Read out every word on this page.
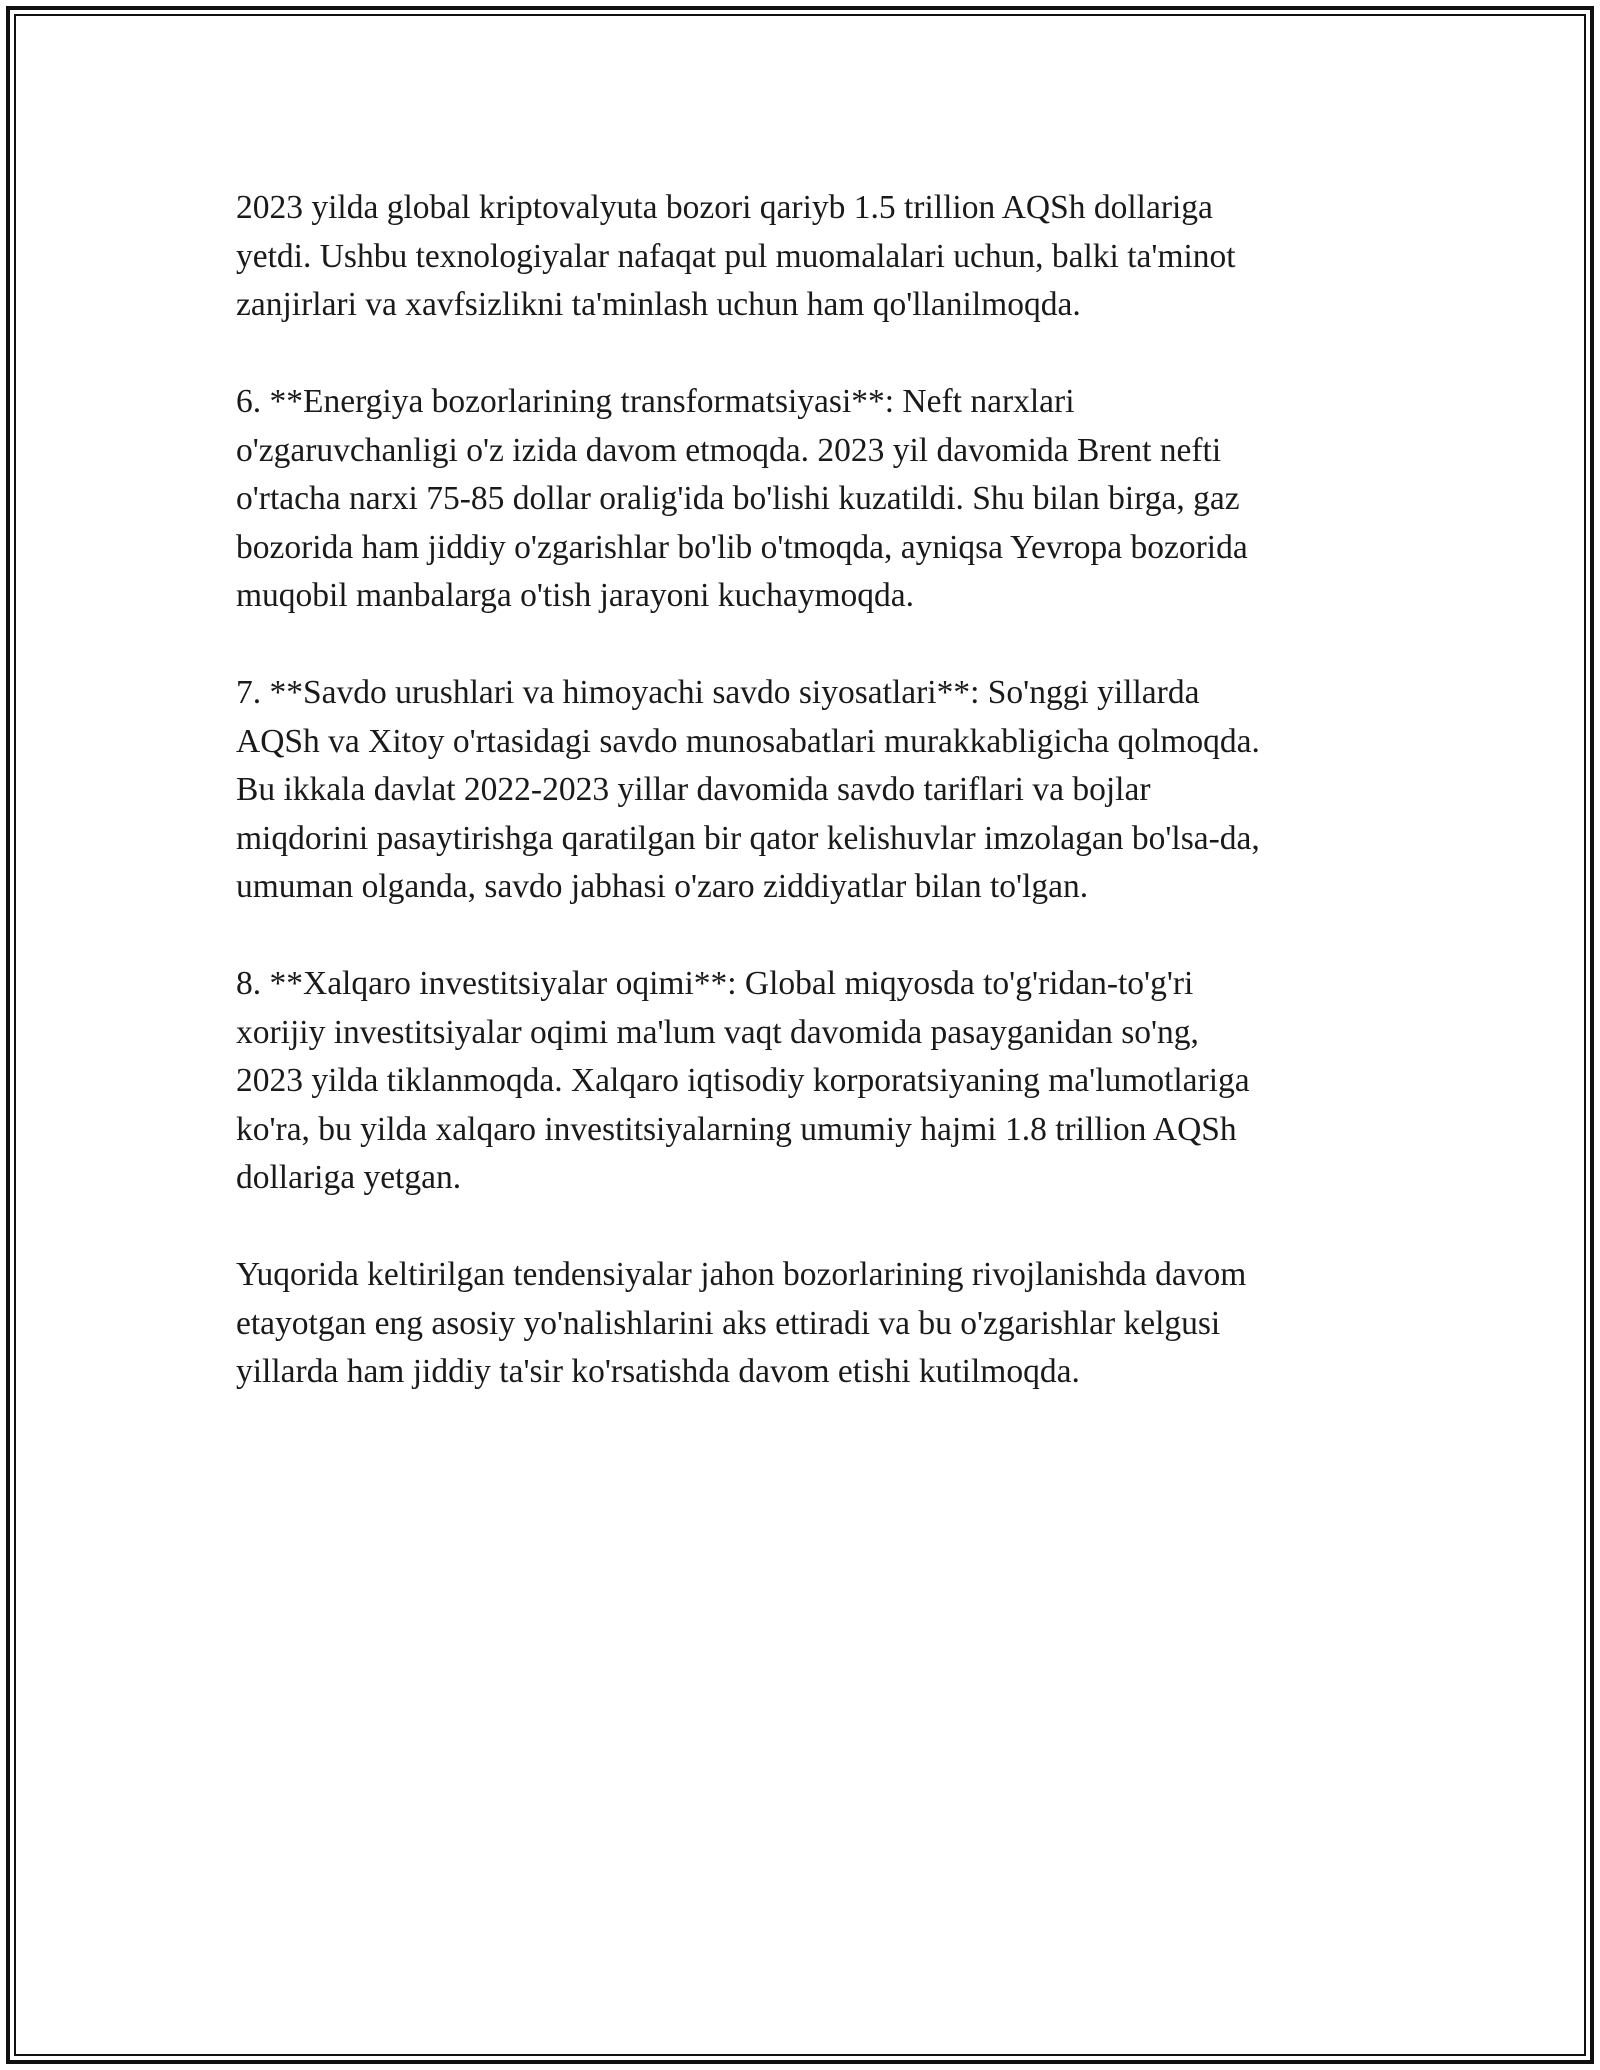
2023 yilda global kriptovalyuta bozori qariyb 1.5 trillion AQSh dollariga
yetdi. Ushbu texnologiyalar nafaqat pul muomalalari uchun, balki ta'minot
zanjirlari va xavfsizlikni ta'minlash uchun ham qo'llanilmoqda.

6. **Energiya bozorlarining transformatsiyasi**: Neft narxlari
o'zgaruvchanligi o'z izida davom etmoqda. 2023 yil davomida Brent nefti
o'rtacha narxi 75-85 dollar oralig'ida bo'lishi kuzatildi. Shu bilan birga, gaz
bozorida ham jiddiy o'zgarishlar bo'lib o'tmoqda, ayniqsa Yevropa bozorida
muqobil manbalarga o'tish jarayoni kuchaymoqda.

7. **Savdo urushlari va himoyachi savdo siyosatlari**: So'nggi yillarda
AQSh va Xitoy o'rtasidagi savdo munosabatlari murakkabligicha qolmoqda.
Bu ikkala davlat 2022-2023 yillar davomida savdo tariflari va bojlar
miqdorini pasaytirishga qaratilgan bir qator kelishuvlar imzolagan bo'lsa-da,
umuman olganda, savdo jabhasi o'zaro ziddiyatlar bilan to'lgan.

8. **Xalqaro investitsiyalar oqimi**: Global miqyosda to'g'ridan-to'g'ri
xorijiy investitsiyalar oqimi ma'lum vaqt davomida pasayganidan so'ng,
2023 yilda tiklanmoqda. Xalqaro iqtisodiy korporatsiyaning ma'lumotlariga
ko'ra, bu yilda xalqaro investitsiyalarning umumiy hajmi 1.8 trillion AQSh
dollariga yetgan.

Yuqorida keltirilgan tendensiyalar jahon bozorlarining rivojlanishda davom
etayotgan eng asosiy yo'nalishlarini aks ettiradi va bu o'zgarishlar kelgusi
yillarda ham jiddiy ta'sir ko'rsatishda davom etishi kutilmoqda.
